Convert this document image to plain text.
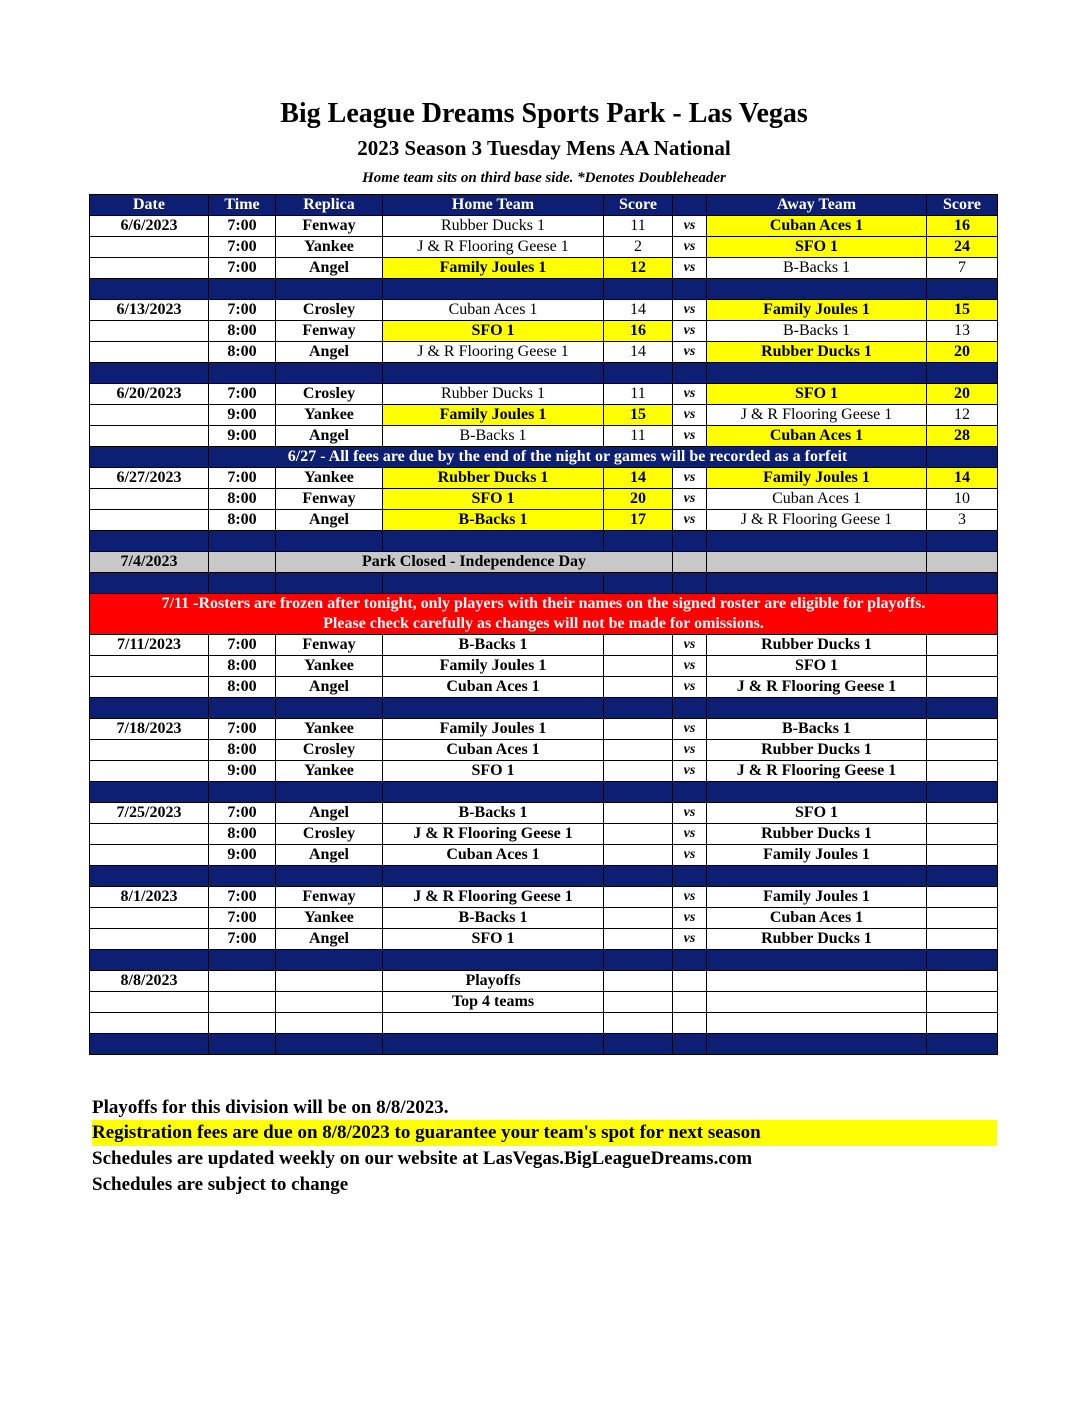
Big League Dreams Sports Park - Las Vegas
2023 Season 3 Tuesday Mens AA National
Home team sits on third base side. *Denotes Doubleheader
Date	Time	Replica	Home Team	Score		Away Team	Score
6/6/2023	7:00	Fenway	Rubber Ducks 1	11	vs	Cuban Aces 1	16
	7:00	Yankee	J & R Flooring Geese 1	2	vs	SFO 1	24
	7:00	Angel	Family Joules 1	12	vs	B-Backs 1	7

6/13/2023	7:00	Crosley	Cuban Aces 1	14	vs	Family Joules 1	15
	8:00	Fenway	SFO 1	16	vs	B-Backs 1	13
	8:00	Angel	J & R Flooring Geese 1	14	vs	Rubber Ducks 1	20

6/20/2023	7:00	Crosley	Rubber Ducks 1	11	vs	SFO 1	20
	9:00	Yankee	Family Joules 1	15	vs	J & R Flooring Geese 1	12
	9:00	Angel	B-Backs 1	11	vs	Cuban Aces 1	28
	6/27 - All fees are due by the end of the night or games will be recorded as a forfeit						
6/27/2023	7:00	Yankee	Rubber Ducks 1	14	vs	Family Joules 1	14
	8:00	Fenway	SFO 1	20	vs	Cuban Aces 1	10
	8:00	Angel	B-Backs 1	17	vs	J & R Flooring Geese 1	3

7/4/2023		Park Closed - Independence Day					

7/11 -Rosters are frozen after tonight, only players with their names on the signed roster are eligible for playoffs.
Please check carefully as changes will not be made for omissions.							

7/11/2023	7:00	Fenway	B-Backs 1		vs	Rubber Ducks 1	
	8:00	Yankee	Family Joules 1		vs	SFO 1	
	8:00	Angel	Cuban Aces 1		vs	J & R Flooring Geese 1	

7/18/2023	7:00	Yankee	Family Joules 1		vs	B-Backs 1	
	8:00	Crosley	Cuban Aces 1		vs	Rubber Ducks 1	
	9:00	Yankee	SFO 1		vs	J & R Flooring Geese 1	

7/25/2023	7:00	Angel	B-Backs 1		vs	SFO 1	
	8:00	Crosley	J & R Flooring Geese 1		vs	Rubber Ducks 1	
	9:00	Angel	Cuban Aces 1		vs	Family Joules 1	

8/1/2023	7:00	Fenway	J & R Flooring Geese 1		vs	Family Joules 1	
	7:00	Yankee	B-Backs 1		vs	Cuban Aces 1	
	7:00	Angel	SFO 1		vs	Rubber Ducks 1	

8/8/2023			Playoffs				
			Top 4 teams				

Playoffs for this division will be on 8/8/2023.
Registration fees are due on 8/8/2023 to guarantee your team's spot for next season
Schedules are updated weekly on our website at LasVegas.BigLeagueDreams.com
Schedules are subject to change
